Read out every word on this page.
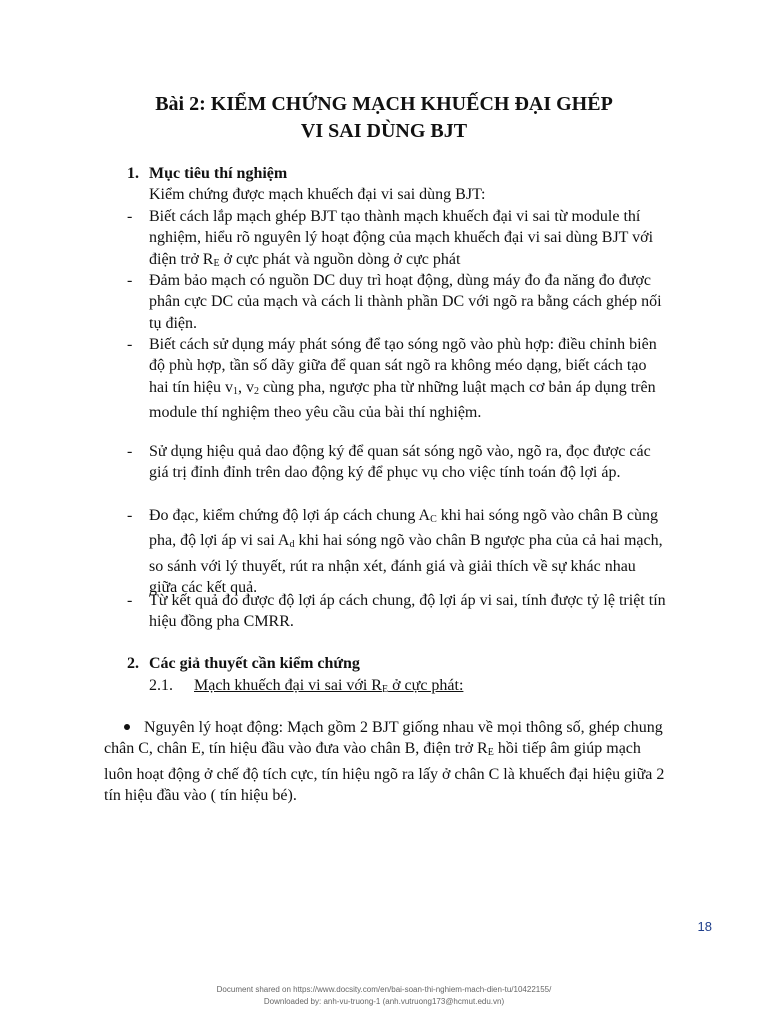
Bài 2: KIỂM CHỨNG MẠCH KHUẾCH ĐẠI GHÉP
VI SAI DÙNG BJT
1. Mục tiêu thí nghiệm
Kiểm chứng được mạch khuếch đại vi sai dùng BJT:
- Biết cách lắp mạch ghép BJT tạo thành mạch khuếch đại vi sai từ module thí nghiệm, hiểu rõ nguyên lý hoạt động của mạch khuếch đại vi sai dùng BJT với điện trở $R_E$ ở cực phát và nguồn dòng ở cực phát
- Đảm bảo mạch có nguồn DC duy trì hoạt động, dùng máy đo đa năng đo được phân cực DC của mạch và cách li thành phần DC với ngõ ra bằng cách ghép nối tụ điện.
- Biết cách sử dụng máy phát sóng để tạo sóng ngõ vào phù hợp: điều chỉnh biên độ phù hợp, tần số dãy giữa để quan sát ngõ ra không méo dạng, biết cách tạo hai tín hiệu $v_1$, $v_2$ cùng pha, ngược pha từ những luật mạch cơ bản áp dụng trên module thí nghiệm theo yêu cầu của bài thí nghiệm.
- Sử dụng hiệu quả dao động ký để quan sát sóng ngõ vào, ngõ ra, đọc được các giá trị đỉnh đỉnh trên dao động ký để phục vụ cho việc tính toán độ lợi áp.
- Đo đạc, kiểm chứng độ lợi áp cách chung $A_C$ khi hai sóng ngõ vào chân B cùng pha, độ lợi áp vi sai $A_d$ khi hai sóng ngõ vào chân B ngược pha của cả hai mạch, so sánh với lý thuyết, rút ra nhận xét, đánh giá và giải thích về sự khác nhau giữa các kết quả.
- Từ kết quả đo được độ lợi áp cách chung, độ lợi áp vi sai, tính được tỷ lệ triệt tín hiệu đồng pha CMRR.
2. Các giả thuyết cần kiểm chứng
2.1. Mạch khuếch đại vi sai với $R_E$ ở cực phát:
Nguyên lý hoạt động: Mạch gồm 2 BJT giống nhau về mọi thông số, ghép chung chân C, chân E, tín hiệu đầu vào đưa vào chân B, điện trở $R_E$ hồi tiếp âm giúp mạch luôn hoạt động ở chế độ tích cực, tín hiệu ngõ ra lấy ở chân C là khuếch đại hiệu giữa 2 tín hiệu đầu vào ( tín hiệu bé).
18
Document shared on https://www.docsity.com/en/bai-soan-thi-nghiem-mach-dien-tu/10422155/
Downloaded by: anh-vu-truong-1 (anh.vutruong173@hcmut.edu.vn)
